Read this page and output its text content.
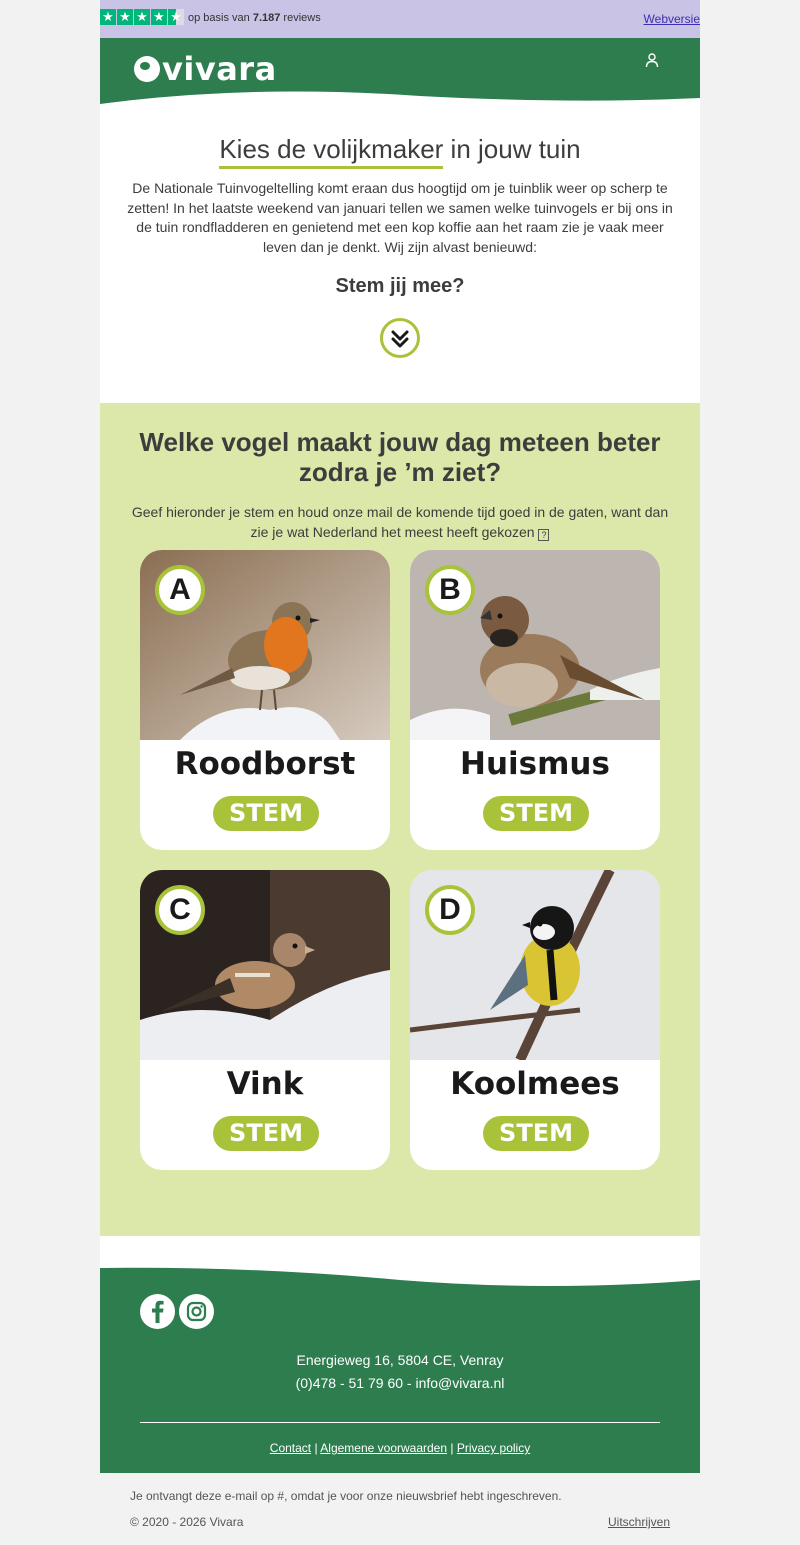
★ ★ ★ ★ ★ op basis van 7.187 reviews	Webversie
vivara
Kies de volijkmaker in jouw tuin

De Nationale Tuinvogeltelling komt eraan dus hoogtijd om je tuinblik weer op scherp te zetten! In het laatste weekend van januari tellen we samen welke tuinvogels er bij ons in de tuin rondfladderen en genietend met een kop koffie aan het raam zie je vaak meer leven dan je denkt. Wij zijn alvast benieuwd:

Stem jij mee?
Welke vogel maakt jouw dag meteen beter zodra je ’m ziet?

Geef hieronder je stem en houd onze mail de komende tijd goed in de gaten, want dan zie je wat Nederland het meest heeft gekozen ?

A
Roodborst
STEM
B
Huismus
STEM
C
Vink
STEM
D
Koolmees
STEM
Energieweg 16, 5804 CE, Venray
(0)478 - 51 79 60 - info@vivara.nl
Contact | Algemene voorwaarden | Privacy policy
Je ontvangt deze e-mail op #, omdat je voor onze nieuwsbrief hebt ingeschreven.
© 2020 - 2026 Vivara	Uitschrijven
